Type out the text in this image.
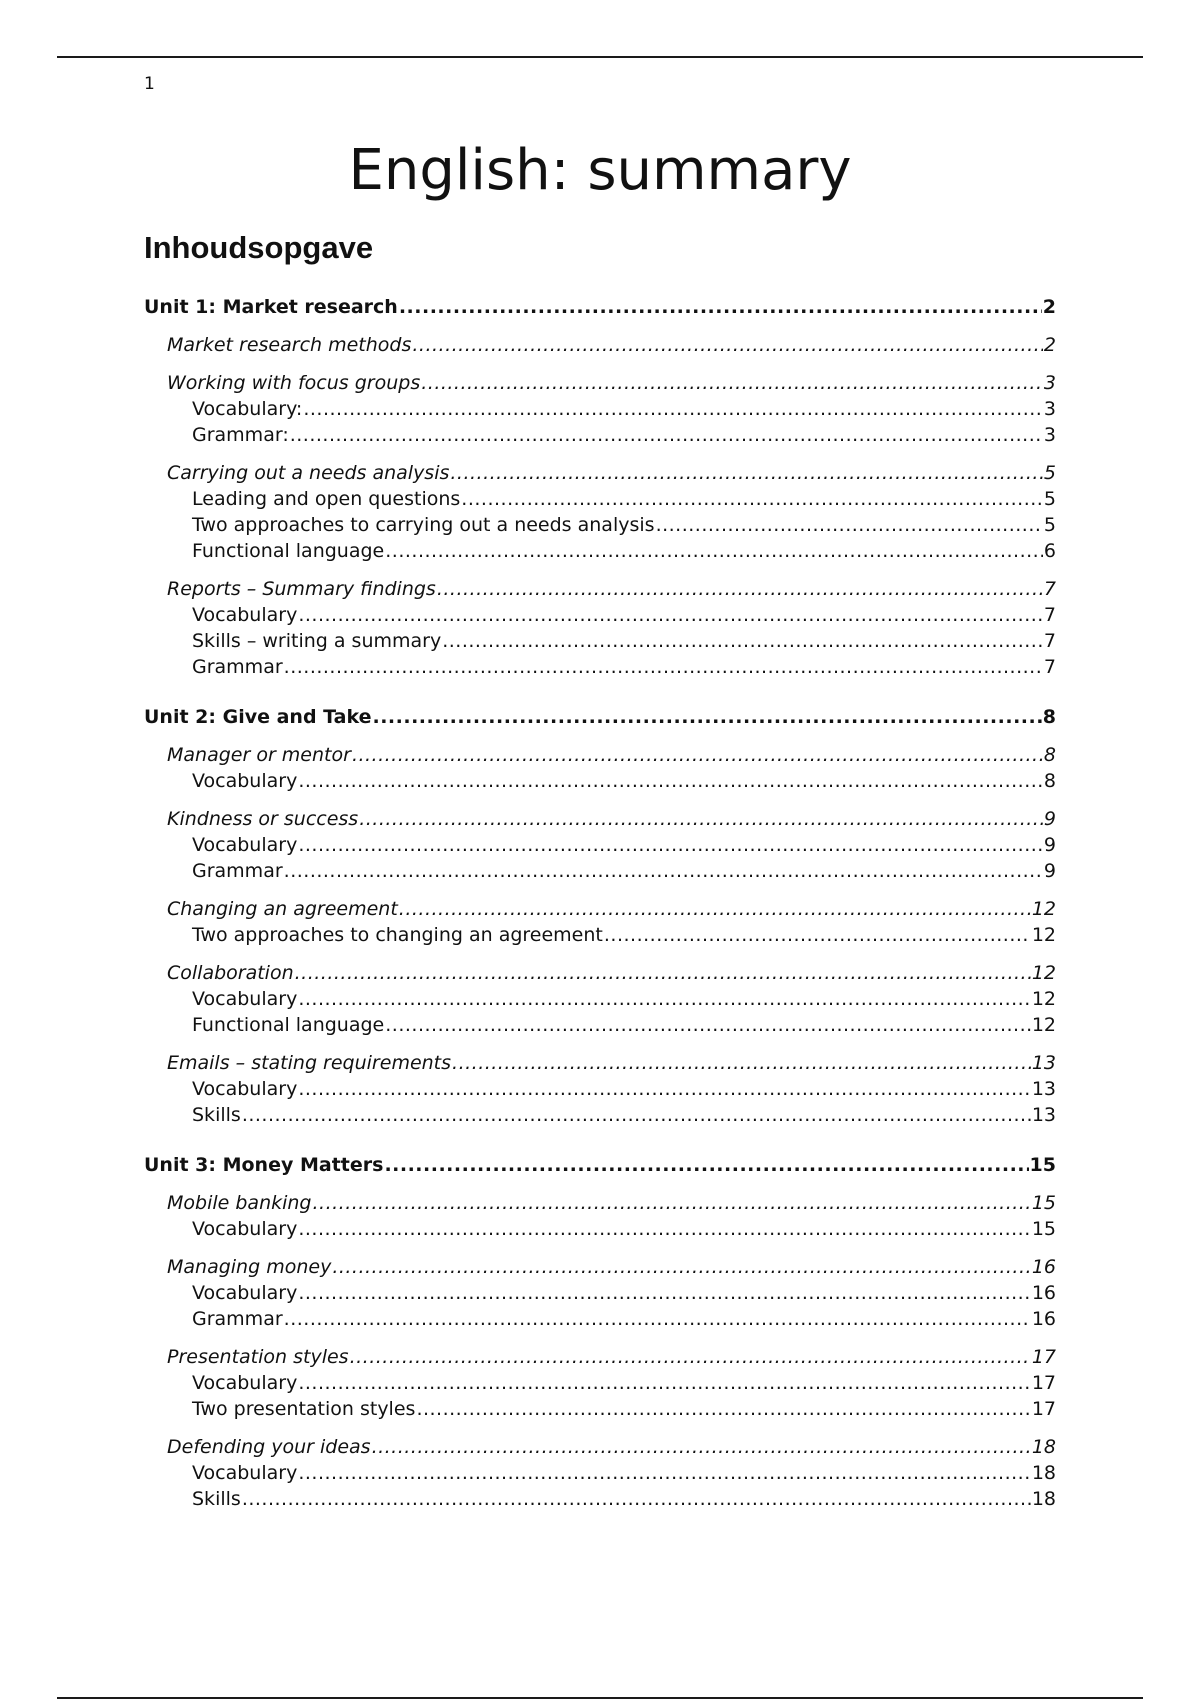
1
English: summary
Inhoudsopgave
Unit 1: Market research .....	2
Market research methods .....	2
Working with focus groups .....	3
Vocabulary: .....	3
Grammar: .....	3
Carrying out a needs analysis .....	5
Leading and open questions .....	5
Two approaches to carrying out a needs analysis .....	5
Functional language .....	6
Reports – Summary findings .....	7
Vocabulary .....	7
Skills – writing a summary .....	7
Grammar .....	7
Unit 2: Give and Take .....	8
Manager or mentor .....	8
Vocabulary .....	8
Kindness or success .....	9
Vocabulary .....	9
Grammar .....	9
Changing an agreement .....	12
Two approaches to changing an agreement .....	12
Collaboration .....	12
Vocabulary .....	12
Functional language .....	12
Emails – stating requirements .....	13
Vocabulary .....	13
Skills .....	13
Unit 3: Money Matters .....	15
Mobile banking .....	15
Vocabulary .....	15
Managing money .....	16
Vocabulary .....	16
Grammar .....	16
Presentation styles .....	17
Vocabulary .....	17
Two presentation styles .....	17
Defending your ideas .....	18
Vocabulary .....	18
Skills .....	18
